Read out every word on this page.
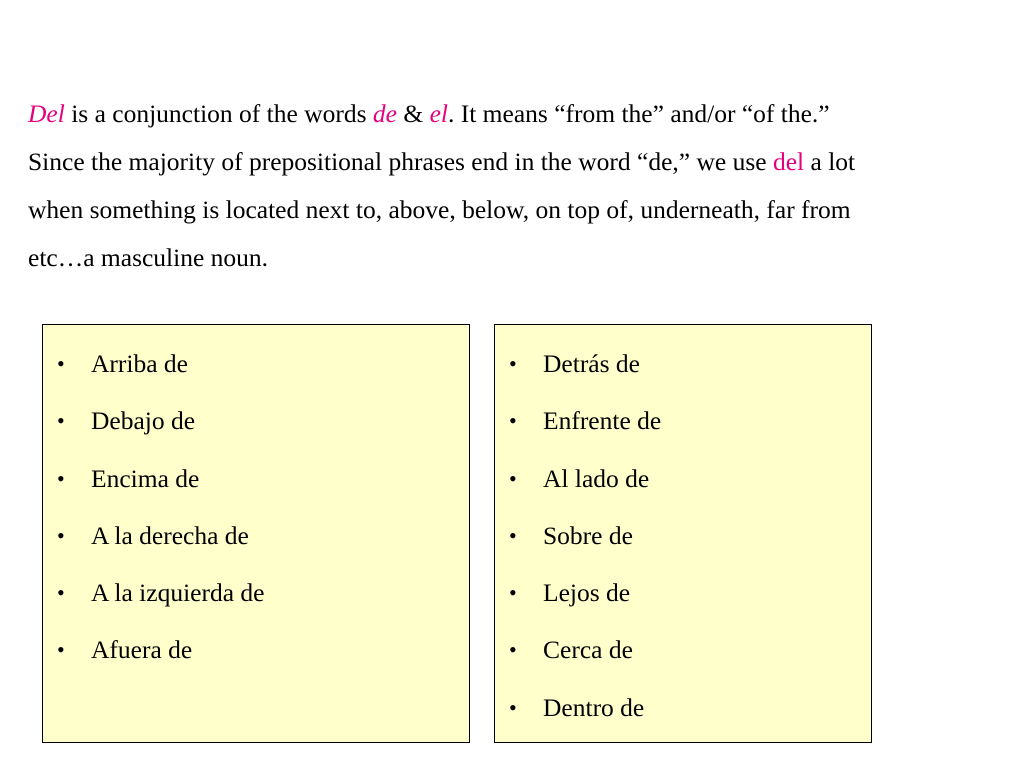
Del is a conjunction of the words de & el. It means “from the” and/or “of the.”
Since the majority of prepositional phrases end in the word “de,” we use del a lot
when something is located next to, above, below, on top of, underneath, far from
etc…a masculine noun.

•	Arriba de
•	Debajo de
•	Encima de
•	A la derecha de
•	A la izquierda de
•	Afuera de
•	Detrás de
•	Enfrente de
•	Al lado de
•	Sobre de
•	Lejos de
•	Cerca de
•	Dentro de
